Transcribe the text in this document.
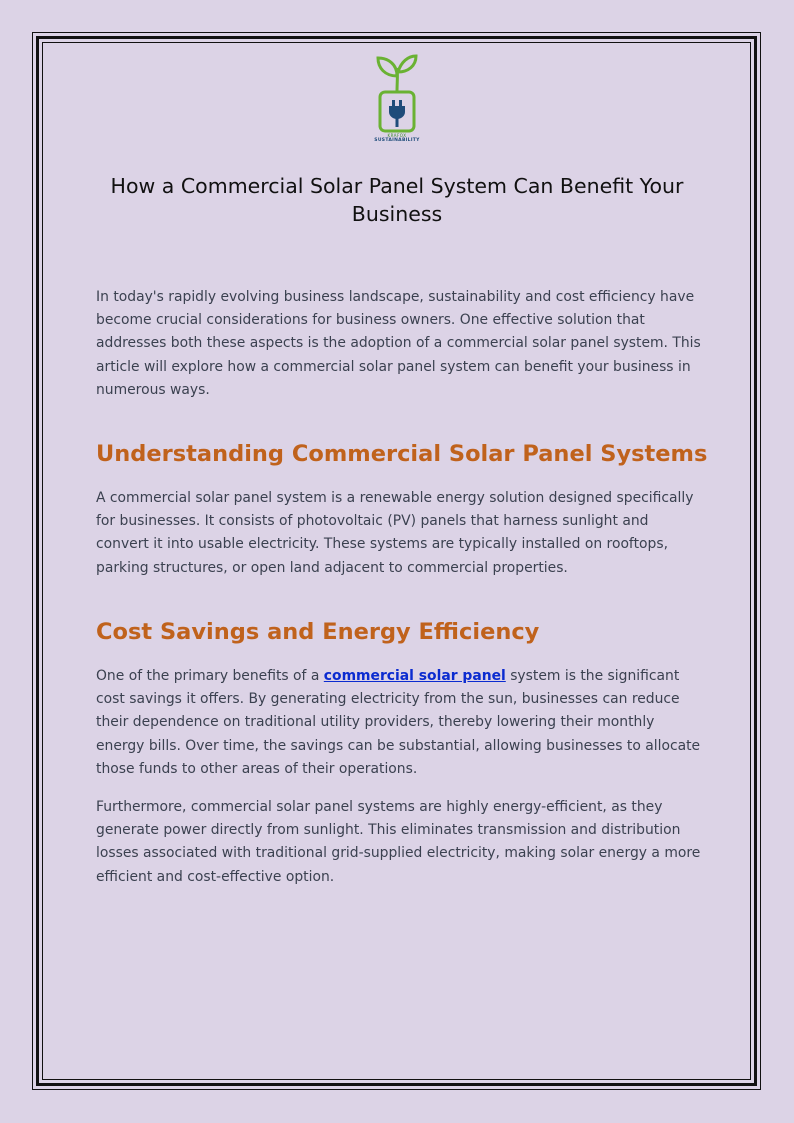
KRAFOX
SUSTAINABILITY
How a Commercial Solar Panel System Can Benefit Your Business

In today's rapidly evolving business landscape, sustainability and cost efficiency have become crucial considerations for business owners. One effective solution that addresses both these aspects is the adoption of a commercial solar panel system. This article will explore how a commercial solar panel system can benefit your business in numerous ways.

Understanding Commercial Solar Panel Systems

A commercial solar panel system is a renewable energy solution designed specifically for businesses. It consists of photovoltaic (PV) panels that harness sunlight and convert it into usable electricity. These systems are typically installed on rooftops, parking structures, or open land adjacent to commercial properties.

Cost Savings and Energy Efficiency

One of the primary benefits of a commercial solar panel system is the significant cost savings it offers. By generating electricity from the sun, businesses can reduce their dependence on traditional utility providers, thereby lowering their monthly energy bills. Over time, the savings can be substantial, allowing businesses to allocate those funds to other areas of their operations.

Furthermore, commercial solar panel systems are highly energy-efficient, as they generate power directly from sunlight. This eliminates transmission and distribution losses associated with traditional grid-supplied electricity, making solar energy a more efficient and cost-effective option.
